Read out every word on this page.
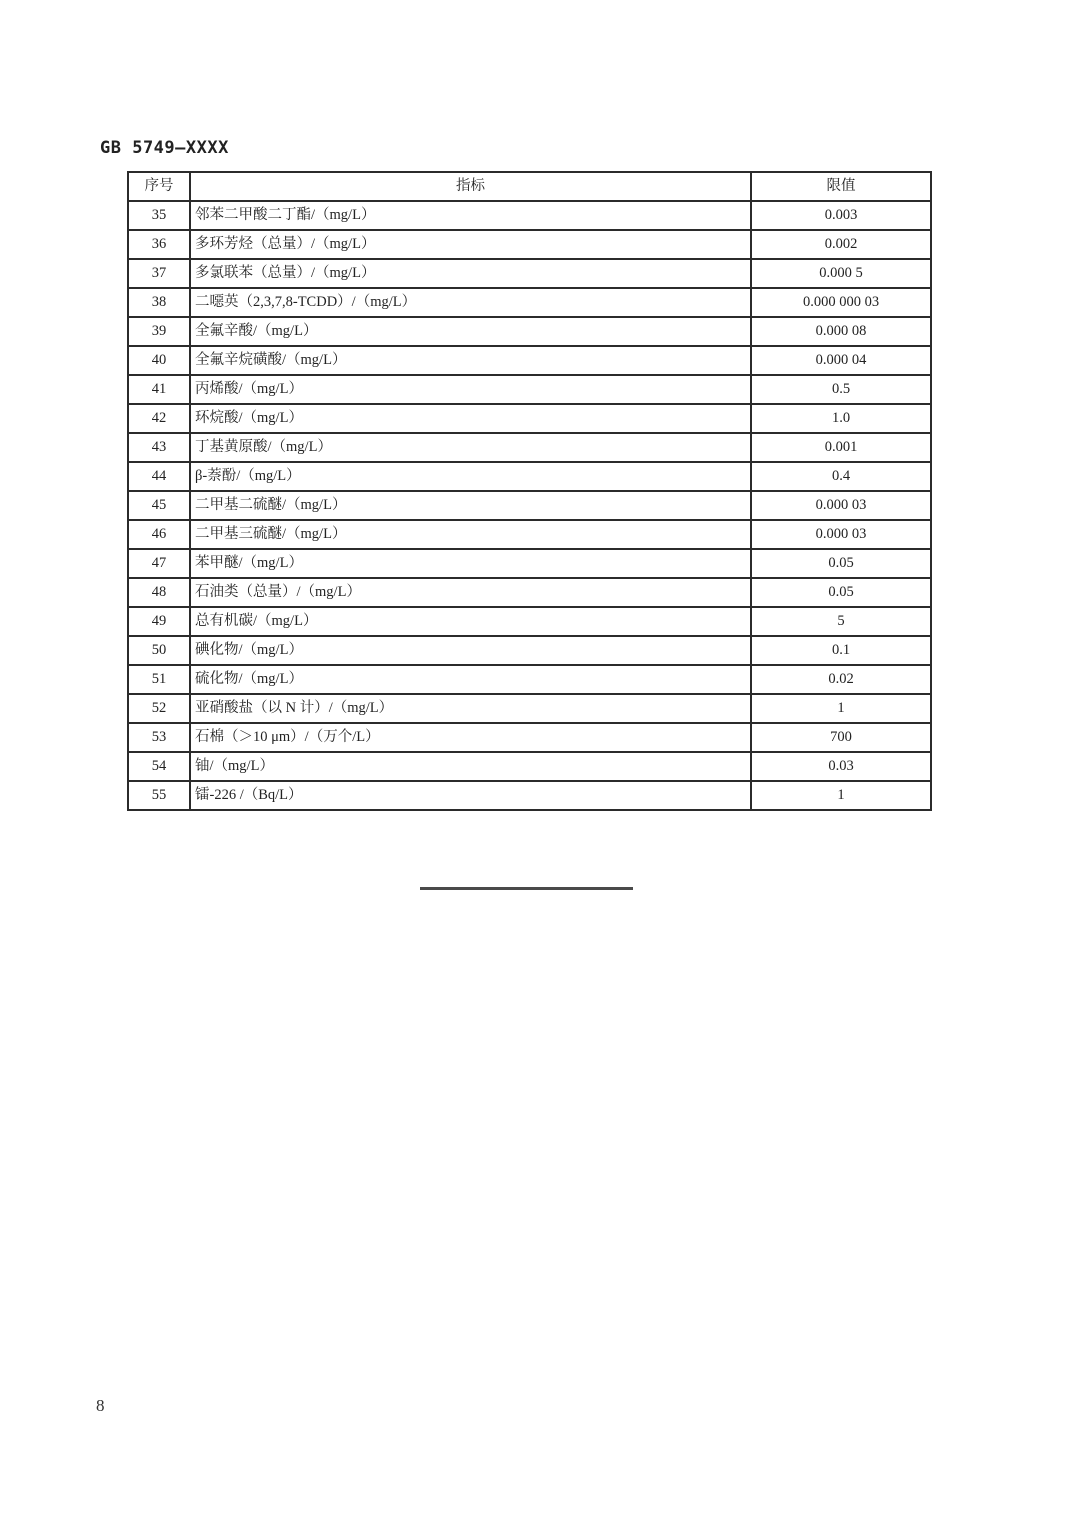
GB 5749—XXXX
序号	指标	限值
35	邻苯二甲酸二丁酯/（mg/L）	0.003
36	多环芳烃（总量）/（mg/L）	0.002
37	多氯联苯（总量）/（mg/L）	0.000 5
38	二噁英（2,3,7,8-TCDD）/（mg/L）	0.000 000 03
39	全氟辛酸/（mg/L）	0.000 08
40	全氟辛烷磺酸/（mg/L）	0.000 04
41	丙烯酸/（mg/L）	0.5
42	环烷酸/（mg/L）	1.0
43	丁基黄原酸/（mg/L）	0.001
44	β-萘酚/（mg/L）	0.4
45	二甲基二硫醚/（mg/L）	0.000 03
46	二甲基三硫醚/（mg/L）	0.000 03
47	苯甲醚/（mg/L）	0.05
48	石油类（总量）/（mg/L）	0.05
49	总有机碳/（mg/L）	5
50	碘化物/（mg/L）	0.1
51	硫化物/（mg/L）	0.02
52	亚硝酸盐（以 N 计）/（mg/L）	1
53	石棉（＞10 μm）/（万个/L）	700
54	铀/（mg/L）	0.03
55	镭-226 /（Bq/L）	1
8
